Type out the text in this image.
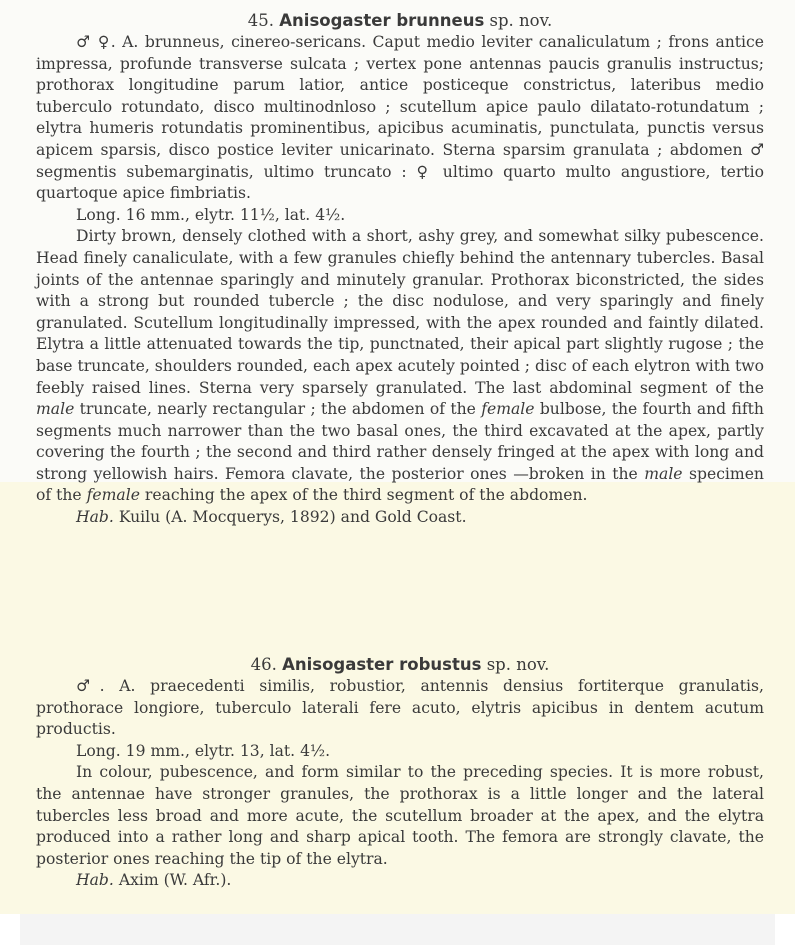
45. Anisogaster brunneus sp. nov.

♂ ♀. A. brunneus, cinereo-sericans. Caput medio leviter canaliculatum ; frons antice impressa, profunde transverse sulcata ; vertex pone antennas paucis granulis instructus; prothorax longitudine parum latior, antice posticeque constrictus, lateribus medio tuberculo rotundato, disco multinodnloso ; scutellum apice paulo dilatato-rotundatum ; elytra humeris rotundatis prominentibus, apicibus acuminatis, punctulata, punctis versus apicem sparsis, disco postice leviter unicarinato. Sterna sparsim granulata ; abdomen ♂ segmentis subemarginatis, ultimo truncato : ♀ ultimo quarto multo angustiore, tertio quartoque apice fimbriatis.

Long. 16 mm., elytr. 11½, lat. 4½.

Dirty brown, densely clothed with a short, ashy grey, and somewhat silky pubescence. Head finely canaliculate, with a few granules chiefly behind the antennary tubercles. Basal joints of the antennae sparingly and minutely granular. Prothorax biconstricted, the sides with a strong but rounded tubercle ; the disc nodulose, and very sparingly and finely granulated. Scutellum longitudinally impressed, with the apex rounded and faintly dilated. Elytra a little attenuated towards the tip, punctnated, their apical part slightly rugose ; the base truncate, shoulders rounded, each apex acutely pointed ; disc of each elytron with two feebly raised lines. Sterna very sparsely granulated. The last abdominal segment of the male truncate, nearly rectangular ; the abdomen of the female bulbose, the fourth and fifth segments much narrower than the two basal ones, the third excavated at the apex, partly covering the fourth ; the second and third rather densely fringed at the apex with long and strong yellowish hairs. Femora clavate, the posterior ones —broken in the male specimen of the female reaching the apex of the third segment of the abdomen.

Hab. Kuilu (A. Mocquerys, 1892) and Gold Coast.

46. Anisogaster robustus sp. nov.

♂. A. praecedenti similis, robustior, antennis densius fortiterque granulatis, prothorace longiore, tuberculo laterali fere acuto, elytris apicibus in dentem acutum productis.

Long. 19 mm., elytr. 13, lat. 4½.

In colour, pubescence, and form similar to the preceding species. It is more robust, the antennae have stronger granules, the prothorax is a little longer and the lateral tubercles less broad and more acute, the scutellum broader at the apex, and the elytra produced into a rather long and sharp apical tooth. The femora are strongly clavate, the posterior ones reaching the tip of the elytra.

Hab. Axim (W. Afr.).
